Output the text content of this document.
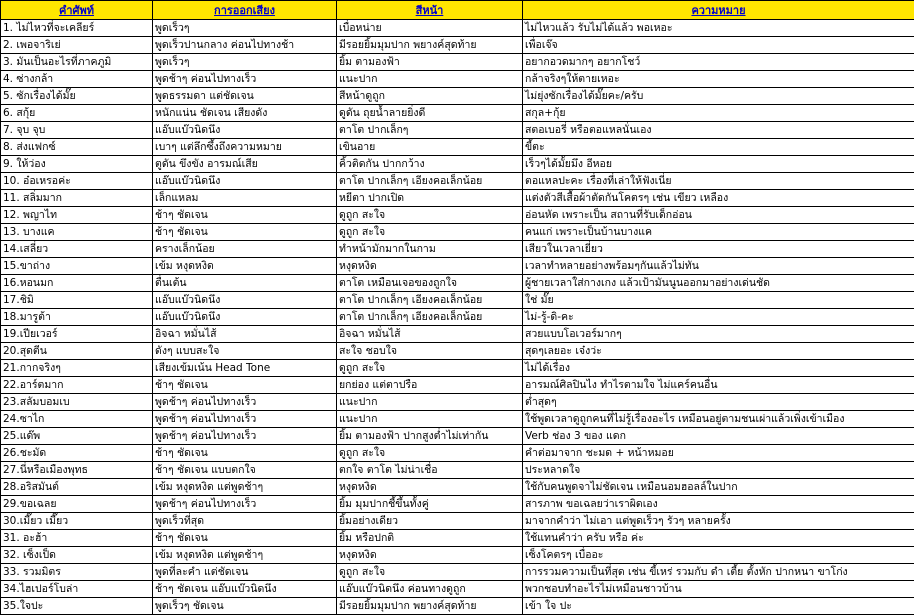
คำศัพท์	การออกเสียง	สีหน้า	ความหมาย
1. ไม่ไหวที่จะเคลียร์	พูดเร็วๆ	เบื่อหน่าย	ไม่ไหวแล้ว รับไม่ได้แล้ว พอเหอะ
2. เพอจาริเย่	พูดเร็วปานกลาง ค่อนไปทางช้า	มีรอยยิ้มมุมปาก พยางค์สุดท้าย	เพื่อเจ๊จ
3. มันเป็นอะไรที่ภาคภูมิ	พูดเร็วๆ	ยิ้ม ตามองฟ้า	อยากอวดมากๆ อยากโชว์
4. ซ่างกล้า	พูดช้าๆ ค่อนไปทางเร็ว	แนะปาก	กล้าจริงๆให้ตายเหอะ
5. ซักเรื่องได้มั๊ย	พูดธรรมดา แต่ชัดเจน	สีหน้าดูถูก	ไม่ยุ่งซักเรื่องได้มั๊ยคะ/ครับ
6. สกุ้ย	หนักแน่น ชัดเจน เสียงดัง	ดูดัน ถุยน้ำลายยิ่งดี	สกุล+กุ้ย
7. จุบ จุบ	แอ๊บแบ๊วนิดนึง	ตาโต ปากเล็กๆ	สตอเบอรี่ หรือตอแหลนั่นเอง
8. ส่งแฟกซ์	เบาๆ แต่ลึกซึ้งถึงความหมาย	เขินอาย	ขี้ตะ
9. ให้ว่อง	ตูดัน ขึงขัง อารมณ์เสีย	คิ้วติดกัน ปากกว้าง	เร็วๆได้มั้ยมึง อีหอย
10. อ๋อเหรอค่ะ	แอ๊บแบ๊วนิดนึง	ตาโต ปากเล็กๆ เอียงคอเล็กน้อย	ตอแหลปะคะ เรื่องที่เล่าให้ฟังเนี่ย
11. สลิ่มมาก	เล็กแหลม	หยีตา ปากเปิด	แต่งตัวสีเสื้อผ้าตัดกันโคตรๆ เช่น เขียว เหลือง
12. พญาไท	ช้าๆ ชัดเจน	ดูถูก สะใจ	อ่อนหัด เพราะเป็น สถานที่รับเด็กอ่อน
13. บางแค	ช้าๆ ชัดเจน	ดูถูก สะใจ	คนแก่ เพราะเป็นบ้านบางแค
14.เสลี่ยว	ครางเล็กน้อย	ทำหน้ามักมากในกาม	เสียวในเวลาเยี่ยว
15.ขาถ่าง	เข้ม หงุดหงิด	หงุดหงิด	เวลาทำหลายอย่างพร้อมๆกันแล้วไม่ทัน
16.หอนมก	ตื่นเต้น	ตาโต เหมือนเจอของถูกใจ	ผู้ชายเวลาใส่กางเกง แล้วเป้ามันนูนออกมาอย่างเด่นชัด
17.ชิมิ	แอ๊บแบ๊วนิดนึง	ตาโต ปากเล็กๆ เอียงคอเล็กน้อย	ใช่ มั๊ย
18.มารูต้า	แอ๊บแบ๊วนิดนึง	ตาโต ปากเล็กๆ เอียงคอเล็กน้อย	ไม่-รู้-ดิ-คะ
19.เปียเวอร์	อิจฉา หมั่นไส้	อิจฉา หมั่นไส้	สวยแบบโอเวอร์มากๆ
20.สุดตีน	ดังๆ แบบสะใจ	สะใจ ชอบใจ	สุดๆเลยอะ เจ๋งว่ะ
21.กากจริงๆ	เสียงเข้มเน้น Head Tone	ดูถูก สะใจ	ไม่ได้เรื่อง
22.อาร์ตมาก	ช้าๆ ชัดเจน	ยกย่อง แต่ตาปรือ	อารมณ์ศิลปินไง ทำไรตามใจ ไม่แคร์คนอื่น
23.สลัมบอมเบ	พูดช้าๆ ค่อนไปทางเร็ว	แนะปาก	ต่ำสุดๆ
24.ซาไก	พูดช้าๆ ค่อนไปทางเร็ว	แนะปาก	ใช้พูดเวลาดูถูกคนที่ไม่รู้เรื่องอะไร เหมือนอยู่ตามชนเผ่าแล้วเพิ่งเข้าเมือง
25.แด๊พ	พูดช้าๆ ค่อนไปทางเร็ว	ยิ้ม ตามองฟ้า ปากสูงต่ำไม่เท่ากัน	Verb ช่อง 3 ของ แดก
26.ชะมัด	ช้าๆ ชัดเจน	ดูถูก สะใจ	คำต่อมาจาก ชะมด + หน้าหมอย
27.นี่หรือเมืองพุทธ	ช้าๆ ชัดเจน แบบตกใจ	ตกใจ ตาโต ไม่น่าเชื่อ	ประหลาดใจ
28.อริสมันต์	เข้ม หงุดหงิด แต่พูดช้าๆ	หงุดหงิด	ใช้กับคนพูดจาไม่ชัดเจน เหมือนอมฮอลล์ในปาก
29.ขอเฉลย	พูดช้าๆ ค่อนไปทางเร็ว	ยิ้ม มุมปากชี้ขึ้นทั้งคู่	สารภาพ ขอเฉลยว่าเราผิดเอง
30.เมี๊ยว เมี๊ยว	พูดเร็วที่สุด	ยิ้มอย่างเดียว	มาจากคำว่า ไม่เอา แต่พูดเร็วๆ รัวๆ หลายครั้ง
31. อะฮ้า	ช้าๆ ชัดเจน	ยิ้ม หรือปกติ	ใช้แทนคำว่า ครับ หรือ ค่ะ
32. เซ็งเป็ด	เข้ม หงุดหงิด แต่พูดช้าๆ	หงุดหงิด	เซ็งโคตรๆ เบื่ออะ
33. รวมมิตร	พูดที่ละคำ แต่ชัดเจน	ดูถูก สะใจ	การรวมความเป็นที่สุด เช่น ขี้เหร่ รวมกับ ดำ เตี้ย ตั้งหัก ปากหนา ขาโก่ง
34.ไฮเปอร์โบล่า	ช้าๆ ชัดเจน แอ๊บแบ๊วนิดนึง	แอ๊บแบ๊วนิดนึง ค่อนทางดูถูก	พวกชอบทำอะไรไม่เหมือนชาวบ้าน
35.ใจปะ	พูดเร็วๆ ชัดเจน	มีรอยยิ้มมุมปาก พยางค์สุดท้าย	เข้า ใจ ปะ
